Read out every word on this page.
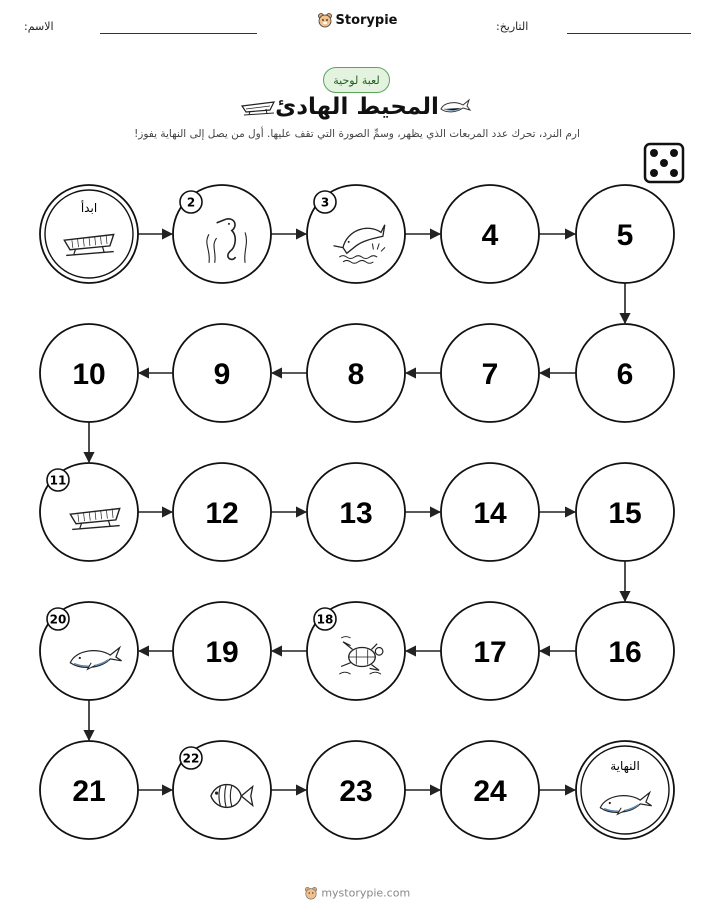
الاسم:	التاريخ:
Storypie
لعبة لوحية
المحيط الهادئ
ارم النرد، تحرك عدد المربعات الذي يظهر، وسمِّ الصورة التي تقف عليها. أول من يصل إلى النهاية يفوز!
ابدأ	2	3
4	5
6
7
8
9
10
11
12	13	14	15
16
17
18
19
20
21
22
23	24
النهاية
mystorypie.com
